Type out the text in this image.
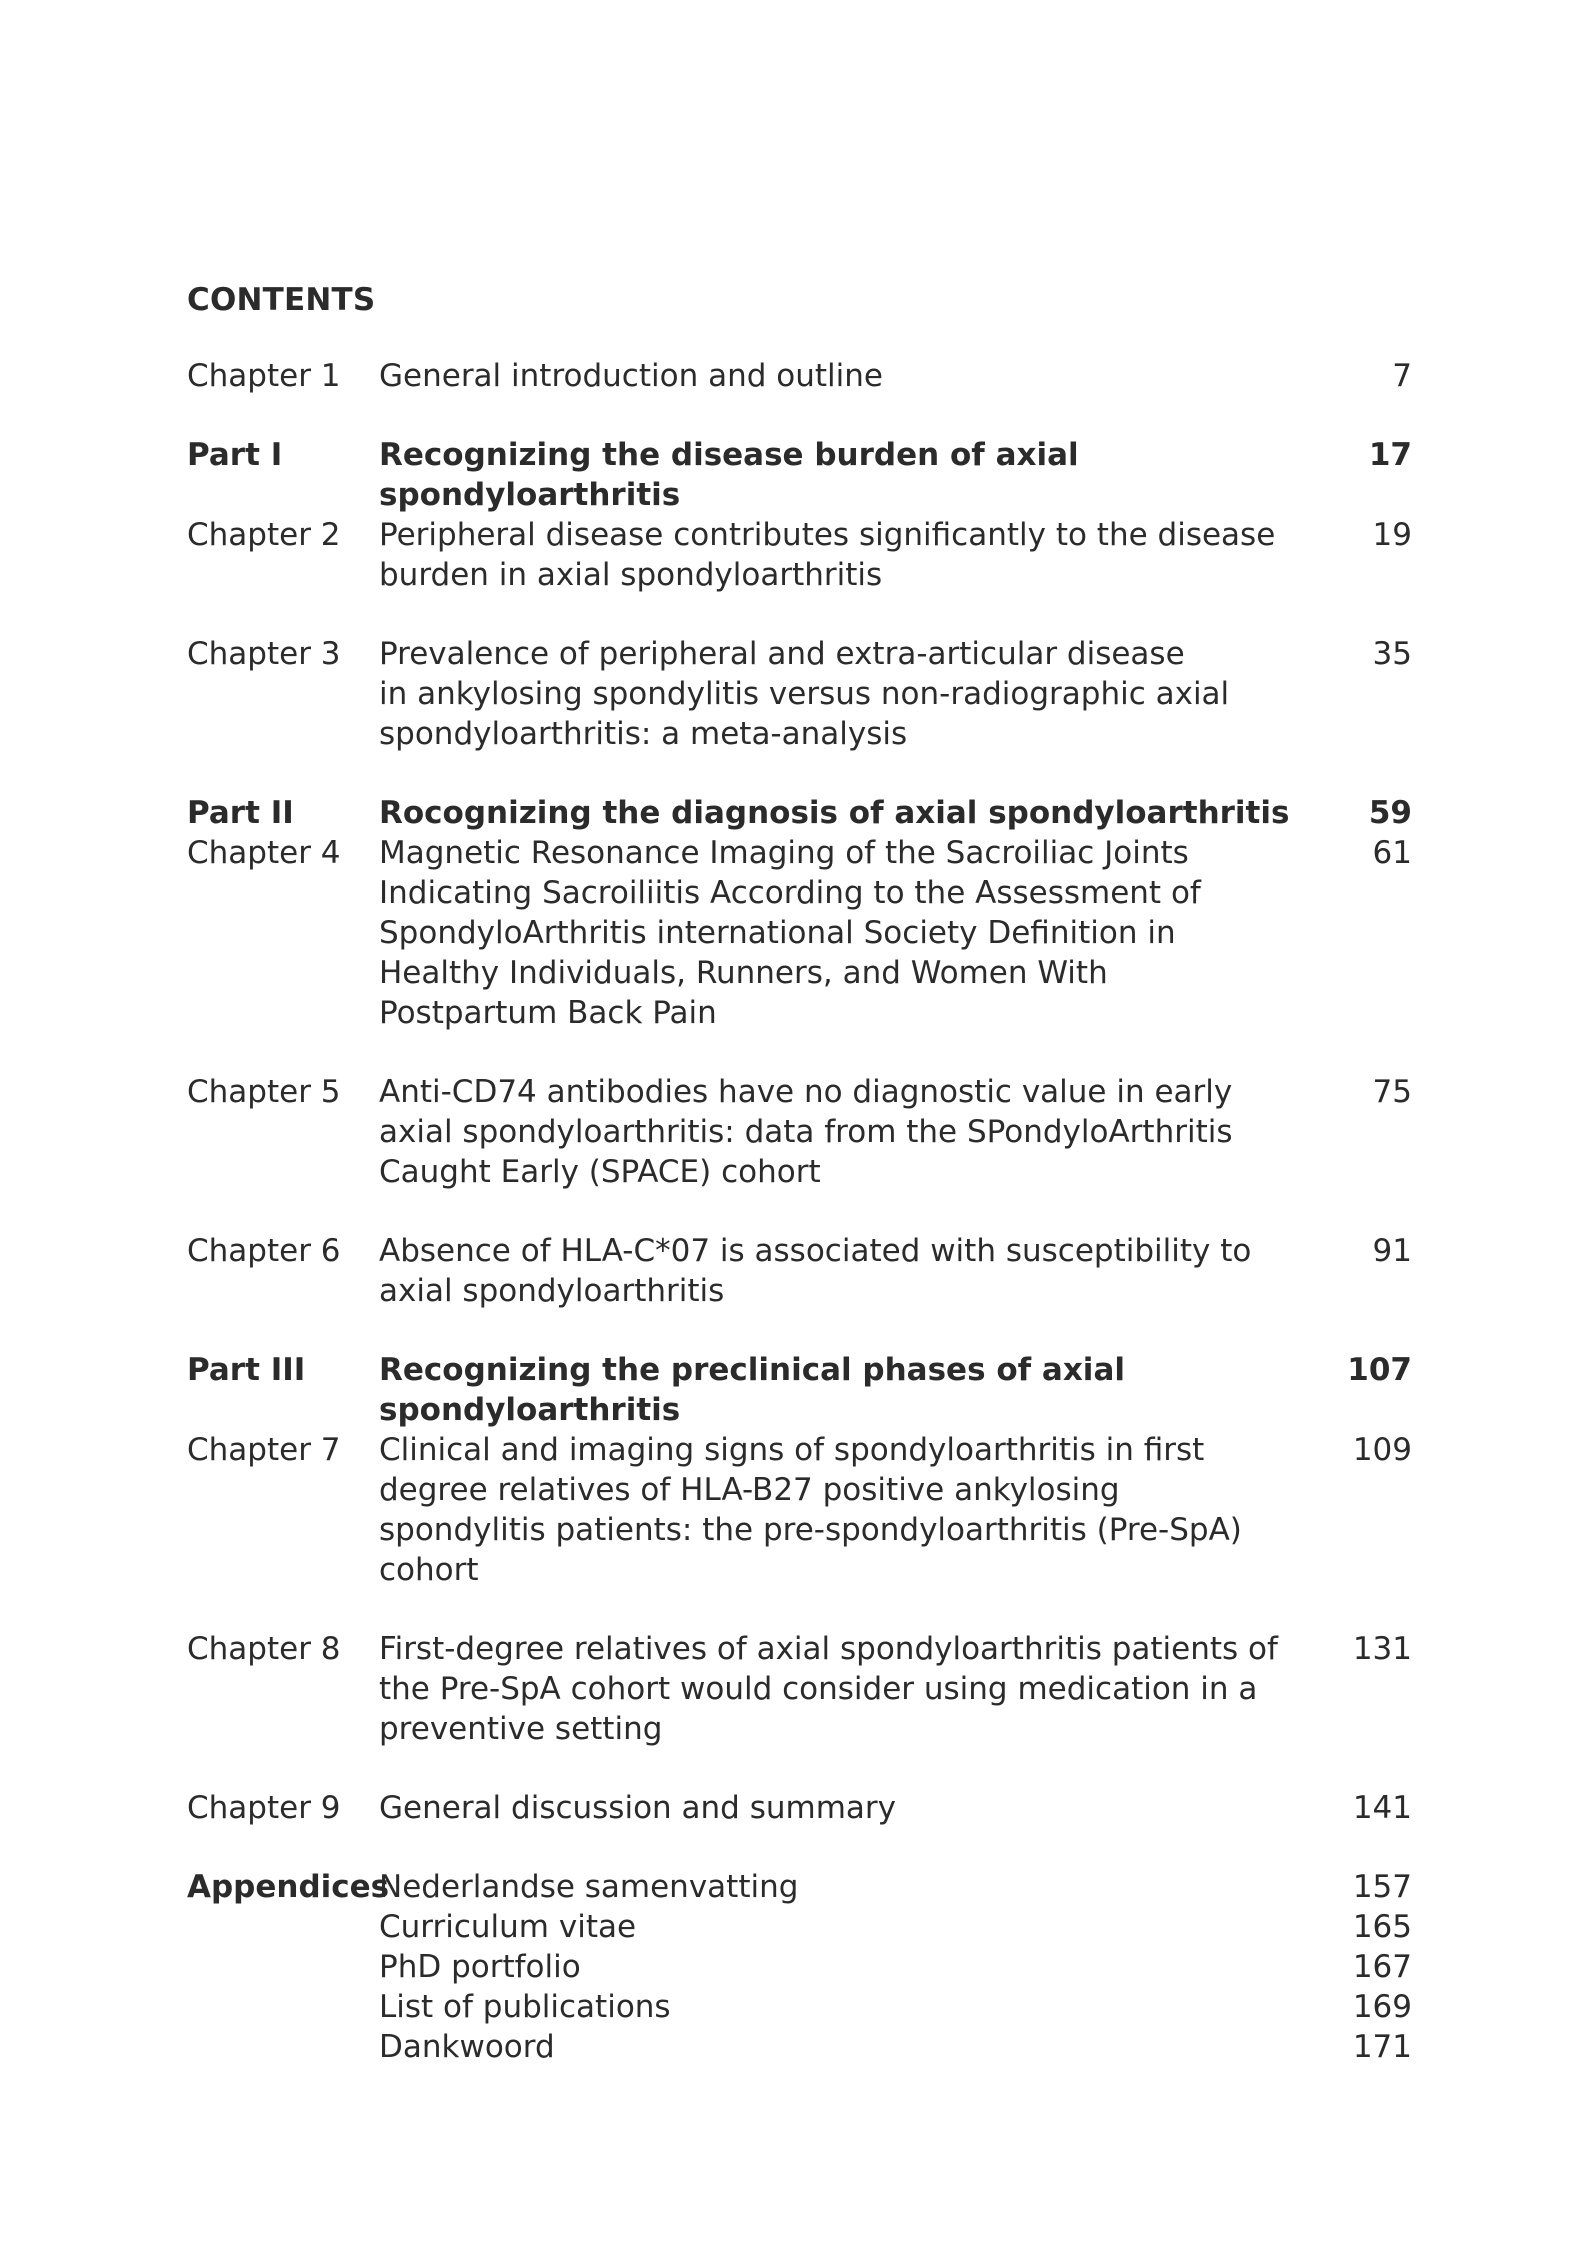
CONTENTS
Chapter 1	General introduction and outline	7
Part I	Recognizing the disease burden of axial spondyloarthritis
17
Chapter 2	Peripheral disease contributes significantly to the disease
burden in axial spondyloarthritis
19
Chapter 3	Prevalence of peripheral and extra-articular disease
in ankylosing spondylitis versus non-radiographic axial
spondyloarthritis: a meta-analysis
35
Part II	Rocognizing the diagnosis of axial spondyloarthritis	59
Chapter 4	Magnetic Resonance Imaging of the Sacroiliac Joints
Indicating Sacroiliitis According to the Assessment of
SpondyloArthritis international Society Definition in
Healthy Individuals, Runners, and Women With
Postpartum Back Pain
61
Chapter 5	Anti-CD74 antibodies have no diagnostic value in early
axial spondyloarthritis: data from the SPondyloArthritis
Caught Early (SPACE) cohort
75
Chapter 6	Absence of HLA-C*07 is associated with susceptibility to
axial spondyloarthritis
91
Part III	Recognizing the preclinical phases of axial spondyloarthritis
107
Chapter 7	Clinical and imaging signs of spondyloarthritis in first
degree relatives of HLA-B27 positive ankylosing
spondylitis patients: the pre-spondyloarthritis (Pre-SpA)
cohort
109
Chapter 8	First-degree relatives of axial spondyloarthritis patients of
the Pre-SpA cohort would consider using medication in a
preventive setting
131
Chapter 9	General discussion and summary	141
Appendices
Nederlandse samenvatting	157
Curriculum vitae	165
PhD portfolio	167
List of publications	169
Dankwoord	171
